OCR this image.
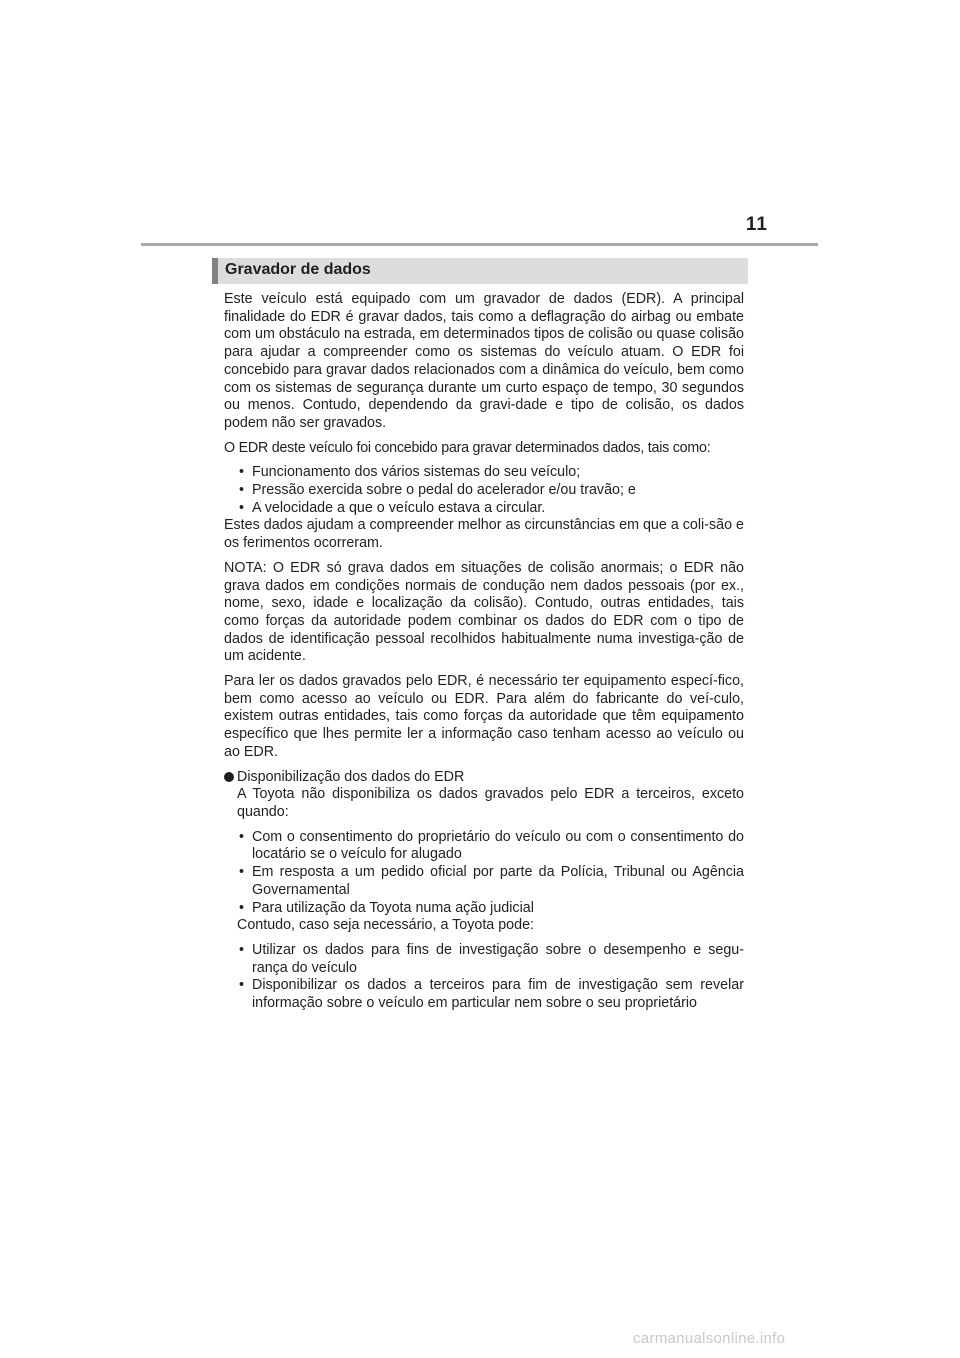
11
Gravador de dados

Este veículo está equipado com um gravador de dados (EDR). A principal finalidade do EDR é gravar dados, tais como a deflagração do airbag ou embate com um obstáculo na estrada, em determinados tipos de colisão ou quase colisão para ajudar a compreender como os sistemas do veículo atuam. O EDR foi concebido para gravar dados relacionados com a dinâmica do veículo, bem como com os sistemas de segurança durante um curto espaço de tempo, 30 segundos ou menos. Contudo, dependendo da gravi-dade e tipo de colisão, os dados podem não ser gravados.

O EDR deste veículo foi concebido para gravar determinados dados, tais como:

• Funcionamento dos vários sistemas do seu veículo;
• Pressão exercida sobre o pedal do acelerador e/ou travão; e
• A velocidade a que o veículo estava a circular.

Estes dados ajudam a compreender melhor as circunstâncias em que a coli-são e os ferimentos ocorreram.

NOTA: O EDR só grava dados em situações de colisão anormais; o EDR não grava dados em condições normais de condução nem dados pessoais (por ex., nome, sexo, idade e localização da colisão). Contudo, outras entidades, tais como forças da autoridade podem combinar os dados do EDR com o tipo de dados de identificação pessoal recolhidos habitualmente numa investiga-ção de um acidente.

Para ler os dados gravados pelo EDR, é necessário ter equipamento especí-fico, bem como acesso ao veículo ou EDR. Para além do fabricante do veí-culo, existem outras entidades, tais como forças da autoridade que têm equipamento específico que lhes permite ler a informação caso tenham acesso ao veículo ou ao EDR.

Disponibilização dos dados do EDR

A Toyota não disponibiliza os dados gravados pelo EDR a terceiros, exceto quando:

• Com o consentimento do proprietário do veículo ou com o consentimento do locatário se o veículo for alugado
• Em resposta a um pedido oficial por parte da Polícia, Tribunal ou Agência Governamental
• Para utilização da Toyota numa ação judicial

Contudo, caso seja necessário, a Toyota pode:

• Utilizar os dados para fins de investigação sobre o desempenho e segu-rança do veículo
• Disponibilizar os dados a terceiros para fim de investigação sem revelar informação sobre o veículo em particular nem sobre o seu proprietário
carmanualsonline.info
